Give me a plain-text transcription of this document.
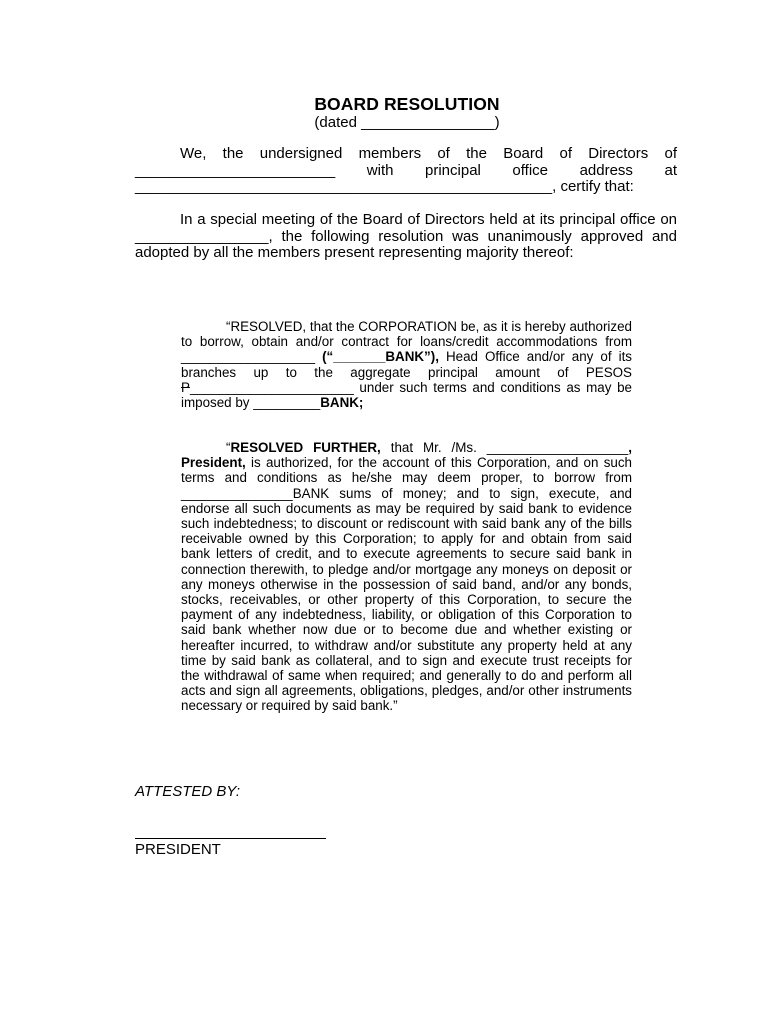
BOARD RESOLUTION
(dated ________________)

We, the undersigned members of the Board of Directors of ________________________ with principal office address at __________________________________________________, certify that:

In a special meeting of the Board of Directors held at its principal office on ________________, the following resolution was unanimously approved and adopted by all the members present representing majority thereof:

“RESOLVED, that the CORPORATION be, as it is hereby authorized to borrow, obtain and/or contract for loans/credit accommodations from __________________ (“_______BANK”), Head Office and/or any of its branches up to the aggregate principal amount of PESOS P______________________ under such terms and conditions as may be imposed by _________BANK;

“RESOLVED FURTHER, that Mr. /Ms. ___________________, President, is authorized, for the account of this Corporation, and on such terms and conditions as he/she may deem proper, to borrow from _______________BANK sums of money; and to sign, execute, and endorse all such documents as may be required by said bank to evidence such indebtedness; to discount or rediscount with said bank any of the bills receivable owned by this Corporation; to apply for and obtain from said bank letters of credit, and to execute agreements to secure said bank in connection therewith, to pledge and/or mortgage any moneys on deposit or any moneys otherwise in the possession of said band, and/or any bonds, stocks, receivables, or other property of this Corporation, to secure the payment of any indebtedness, liability, or obligation of this Corporation to said bank whether now due or to become due and whether existing or hereafter incurred, to withdraw and/or substitute any property held at any time by said bank as collateral, and to sign and execute trust receipts for the withdrawal of same when required; and generally to do and perform all acts and sign all agreements, obligations, pledges, and/or other instruments necessary or required by said bank.”

ATTESTED BY:
PRESIDENT
